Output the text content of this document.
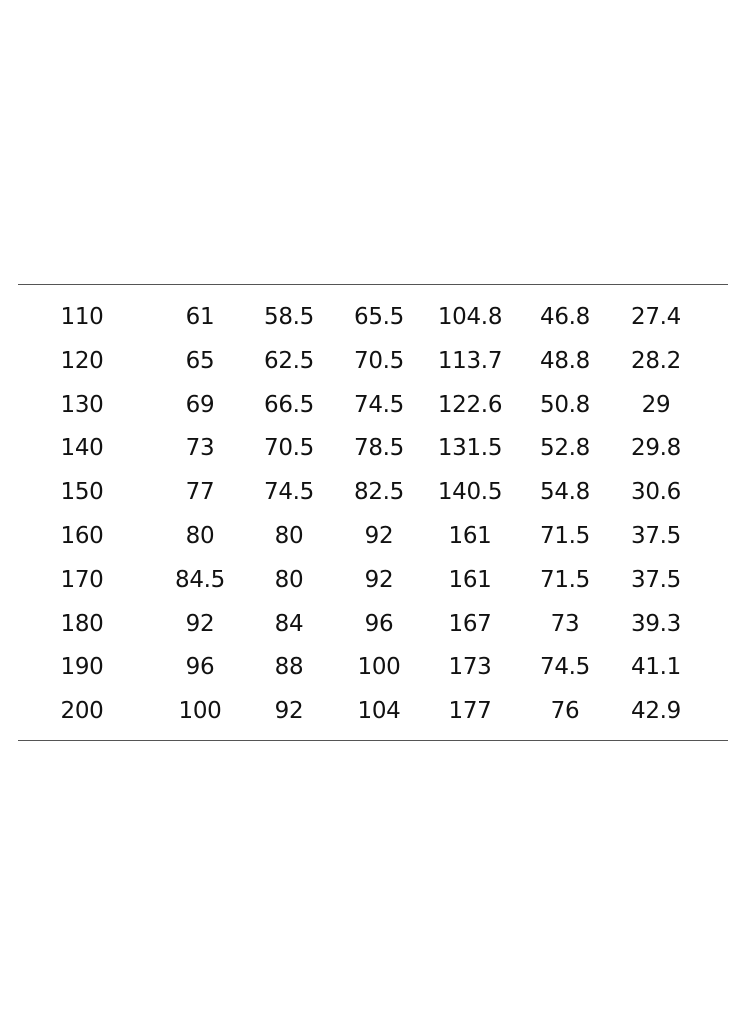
110	61	58.5	65.5	104.8	46.8	27.4
120	65	62.5	70.5	113.7	48.8	28.2
130	69	66.5	74.5	122.6	50.8	29
140	73	70.5	78.5	131.5	52.8	29.8
150	77	74.5	82.5	140.5	54.8	30.6
160	80	80	92	161	71.5	37.5
170	84.5	80	92	161	71.5	37.5
180	92	84	96	167	73	39.3
190	96	88	100	173	74.5	41.1
200	100	92	104	177	76	42.9
